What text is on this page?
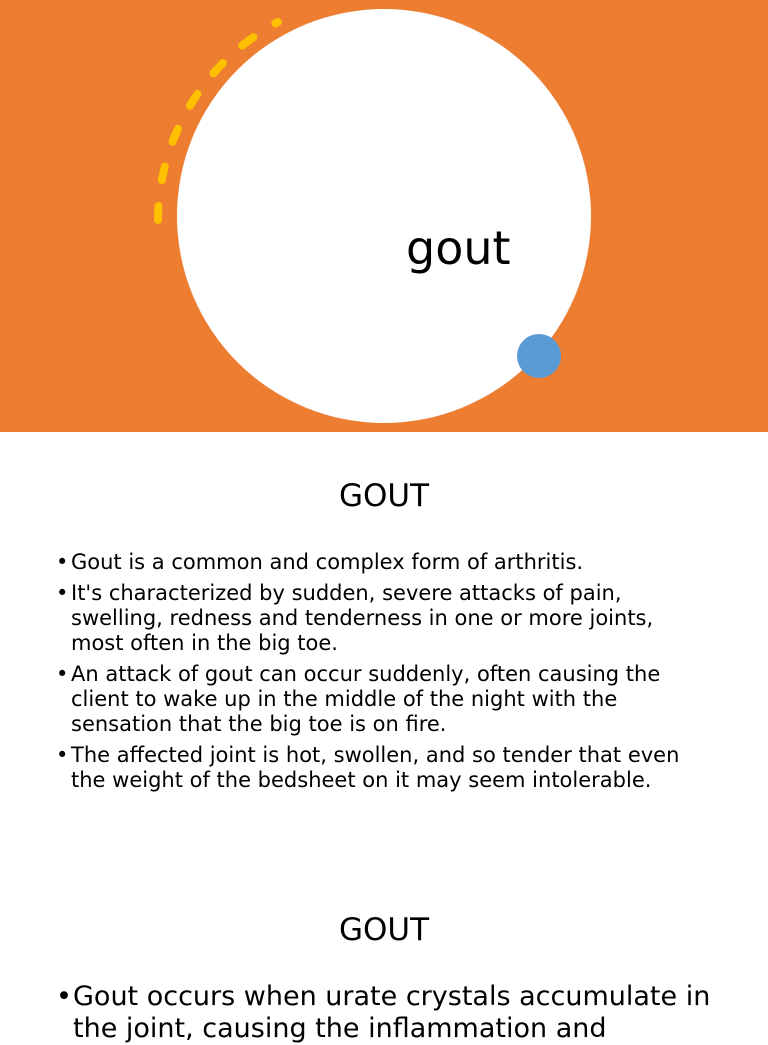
gout
GOUT
• Gout is a common and complex form of arthritis.
• It's characterized by sudden, severe attacks of pain, swelling, redness and tenderness in one or more joints, most often in the big toe.
• An attack of gout can occur suddenly, often causing the client to wake up in the middle of the night with the sensation that the big toe is on fire.
• The affected joint is hot, swollen, and so tender that even the weight of the bedsheet on it may seem intolerable.
GOUT
• Gout occurs when urate crystals accumulate in the joint, causing the inflammation and
